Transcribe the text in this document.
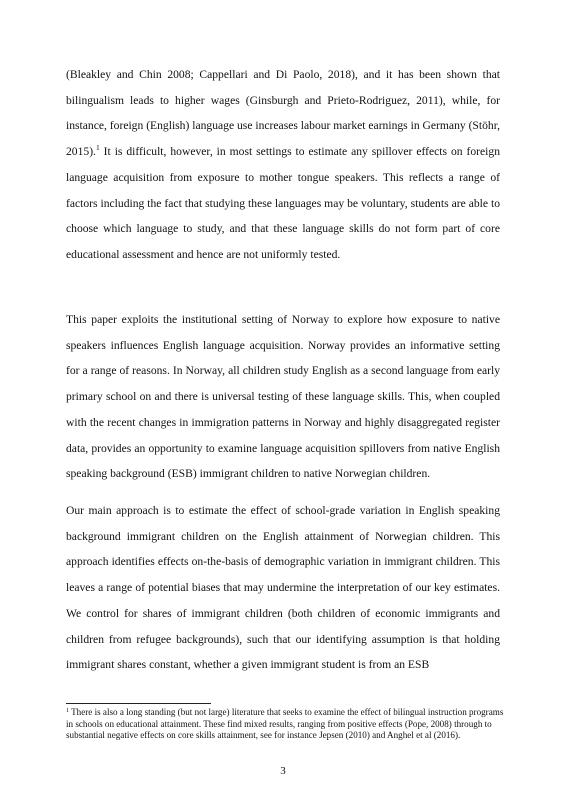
(Bleakley and Chin 2008; Cappellari and Di Paolo, 2018), and it has been shown that bilingualism leads to higher wages (Ginsburgh and Prieto-Rodriguez, 2011), while, for instance, foreign (English) language use increases labour market earnings in Germany (Stöhr, 2015).$^1$ It is difficult, however, in most settings to estimate any spillover effects on foreign language acquisition from exposure to mother tongue speakers. This reflects a range of factors including the fact that studying these languages may be voluntary, students are able to choose which language to study, and that these language skills do not form part of core educational assessment and hence are not uniformly tested.

This paper exploits the institutional setting of Norway to explore how exposure to native speakers influences English language acquisition. Norway provides an informative setting for a range of reasons. In Norway, all children study English as a second language from early primary school on and there is universal testing of these language skills. This, when coupled with the recent changes in immigration patterns in Norway and highly disaggregated register data, provides an opportunity to examine language acquisition spillovers from native English speaking background (ESB) immigrant children to native Norwegian children.

Our main approach is to estimate the effect of school-grade variation in English speaking background immigrant children on the English attainment of Norwegian children. This approach identifies effects on-the-basis of demographic variation in immigrant children. This leaves a range of potential biases that may undermine the interpretation of our key estimates. We control for shares of immigrant children (both children of economic immigrants and children from refugee backgrounds), such that our identifying assumption is that holding immigrant shares constant, whether a given immigrant student is from an ESB

$^1$ There is also a long standing (but not large) literature that seeks to examine the effect of bilingual instruction programs in schools on educational attainment. These find mixed results, ranging from positive effects (Pope, 2008) through to substantial negative effects on core skills attainment, see for instance Jepsen (2010) and Anghel et al (2016).

3
